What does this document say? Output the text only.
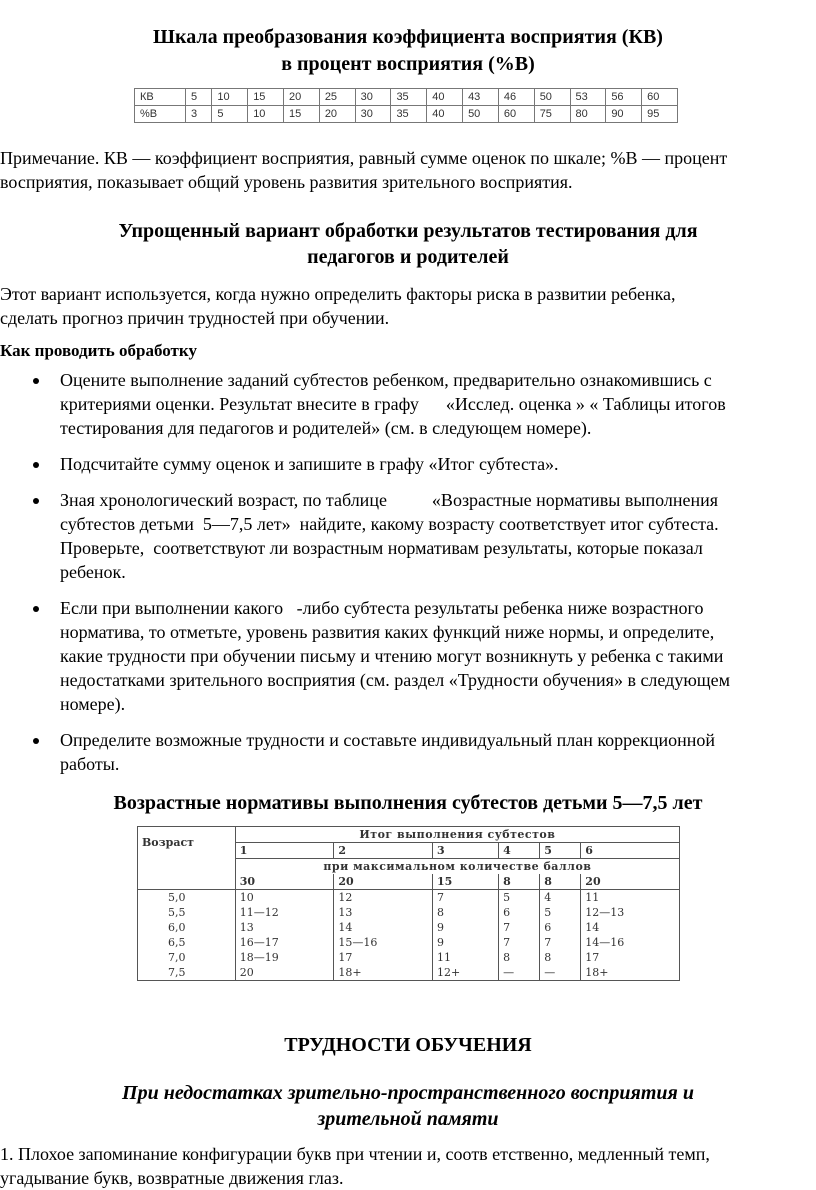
Шкала преобразования коэффициента восприятия (КВ)
в процент восприятия (%В)
КВ	5	10	15	20	25	30	35	40	43	46	50	53	56	60
%В	3	5	10	15	20	30	35	40	50	60	75	80	90	95

Примечание. КВ — коэффициент восприятия, равный сумме оценок по шкале; %В — процент
восприятия, показывает общий уровень развития зрительного восприятия.

Упрощенный вариант обработки результатов тестирования для
педагогов и родителей

Этот вариант используется, когда нужно определить факторы риска в развитии ребенка,
сделать прогноз причин трудностей при обучении.

Как проводить обработку

Оцените выполнение заданий субтестов ребенком, предварительно ознакомившись с
критериями оценки. Результат внесите в графу      «Исслед. оценка » « Таблицы итогов
тестирования для педагогов и родителей» (см. в следующем номере).
Подсчитайте сумму оценок и запишите в графу «Итог субтеста».
Зная хронологический возраст, по таблице          «Возрастные нормативы выполнения
субтестов детьми  5—7,5 лет»  найдите, какому возрасту соответствует итог субтеста.
Проверьте,  соответствуют ли возрастным нормативам результаты, которые показал
ребенок.
Если при выполнении какого   -либо субтеста результаты ребенка ниже возрастного
норматива, то отметьте, уровень развития каких функций ниже нормы, и определите,
какие трудности при обучении письму и чтению могут возникнуть у ребенка с такими
недостатками зрительного восприятия (см. раздел «Трудности обучения» в следующем
номере).
Определите возможные трудности и составьте индивидуальный план коррекционной
работы.
Возрастные нормативы выполнения субтестов детьми 5—7,5 лет
Возраст	Итог выполнения субтестов					
	1	2	3	4	5	6
	при максимальном количестве баллов					
	30	20	15	8	8	20
5,0	10	12	7	5	4	11
5,5	11—12	13	8	6	5	12—13
6,0	13	14	9	7	6	14
6,5	16—17	15—16	9	7	7	14—16
7,0	18—19	17	11	8	8	17
7,5	20	18+	12+	—	—	18+
ТРУДНОСТИ ОБУЧЕНИЯ
При недостатках зрительно-пространственного восприятия и
зрительной памяти

1. Плохое запоминание конфигурации букв при чтении и, соотв етственно, медленный темп,
угадывание букв, возвратные движения глаз.
